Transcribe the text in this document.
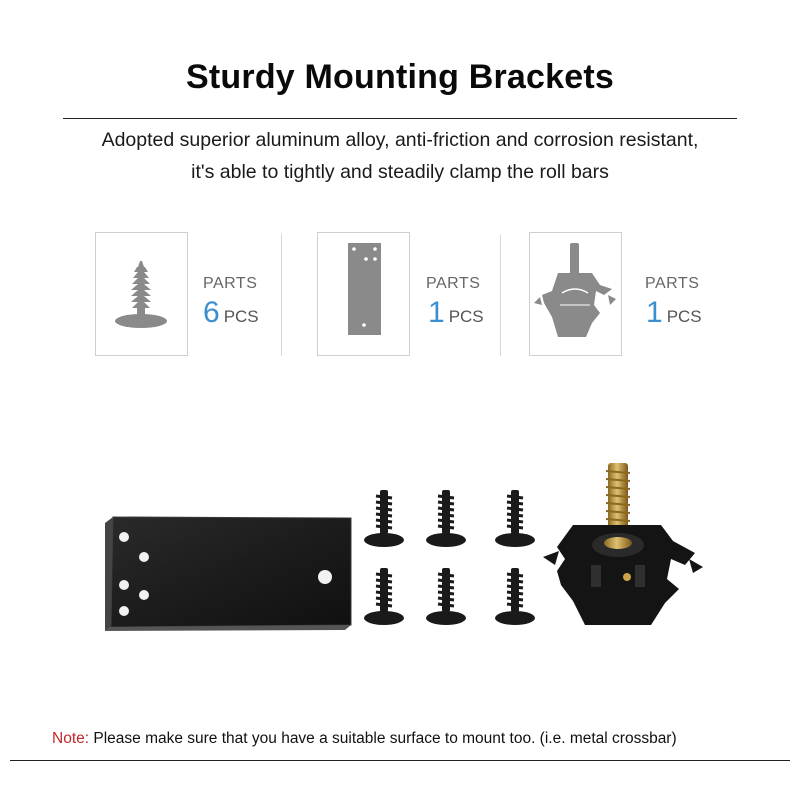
Sturdy Mounting Brackets
Adopted superior aluminum alloy, anti-friction and corrosion resistant,
it's able to tightly and steadily clamp the roll bars
PARTS
6 PCS
PARTS
1 PCS
PARTS
1 PCS
Note: Please make sure that you have a suitable surface to mount too. (i.e. metal crossbar)
